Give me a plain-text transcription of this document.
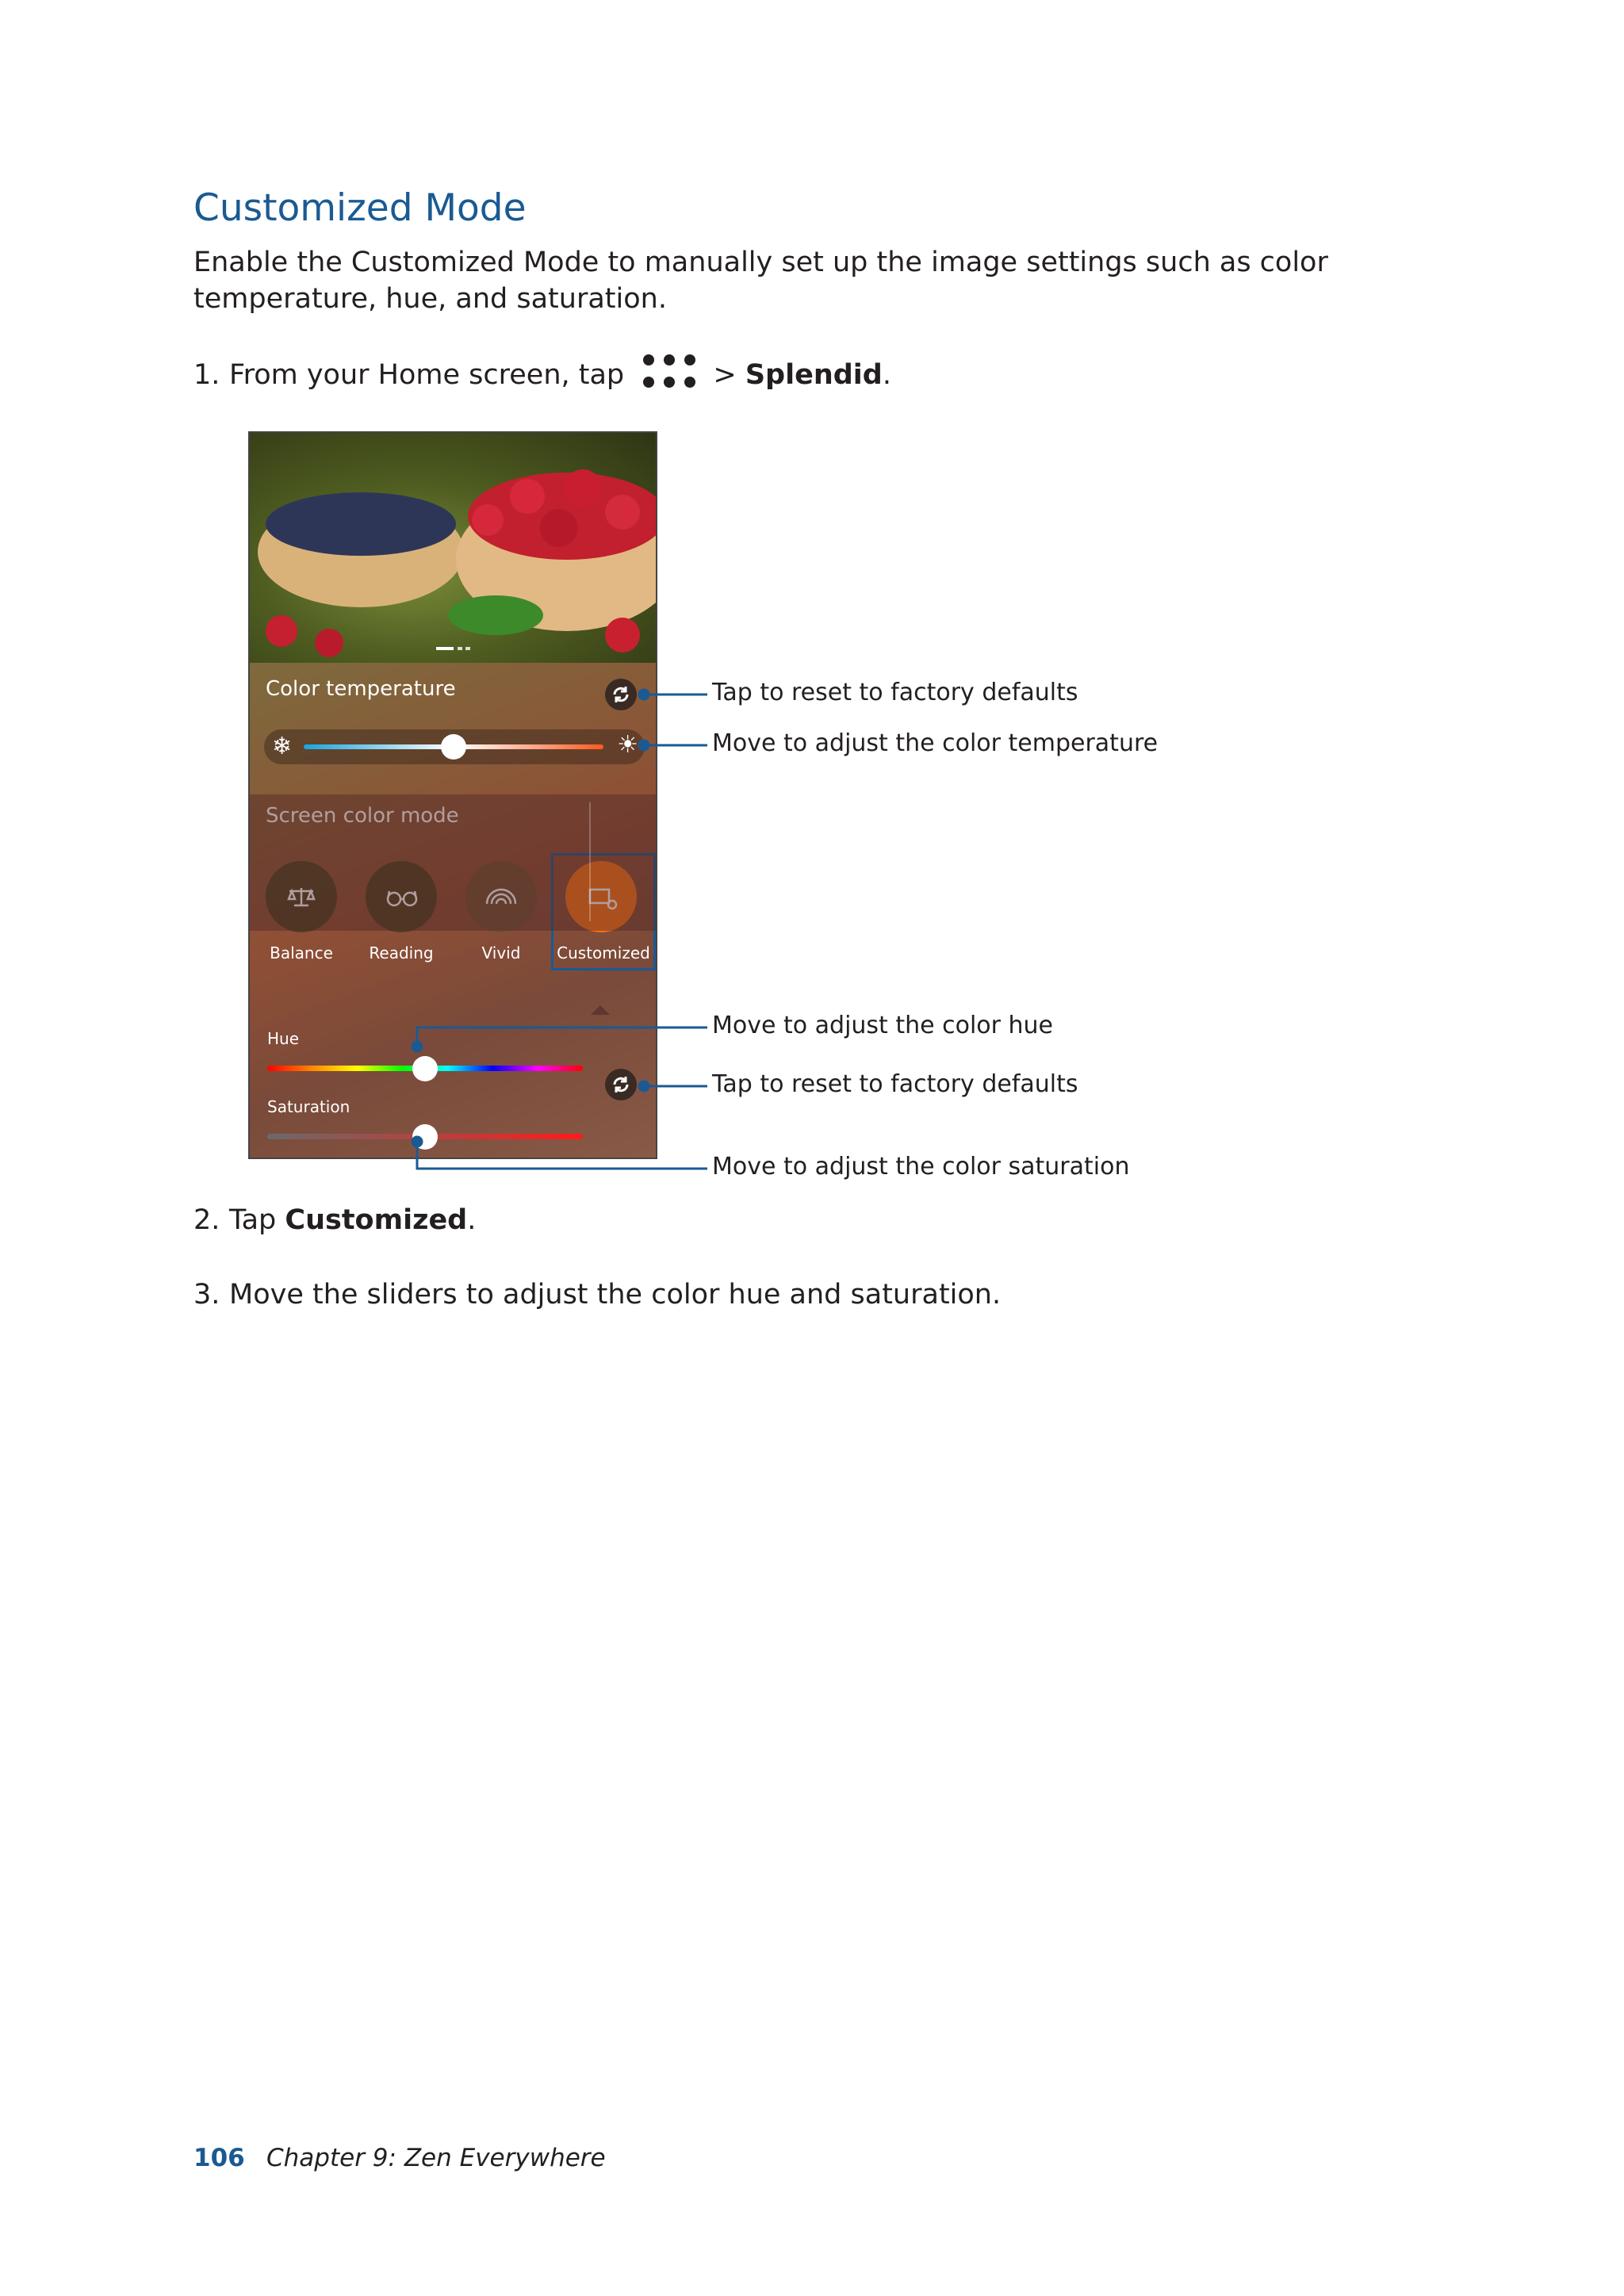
Customized Mode
Enable the Customized Mode to manually set up the image settings such as color temperature, hue, and saturation.
1. From your Home screen, tap	> Splendid.
Color temperature
❄	☀
Screen color mode
Balance	Reading	Vivid	Customized
Hue
Saturation
Tap to reset to factory defaults
Move to adjust the color temperature
Move to adjust the color hue
Tap to reset to factory defaults
Move to adjust the color saturation
2. Tap Customized.
3. Move the sliders to adjust the color hue and saturation.
106 Chapter 9: Zen Everywhere
